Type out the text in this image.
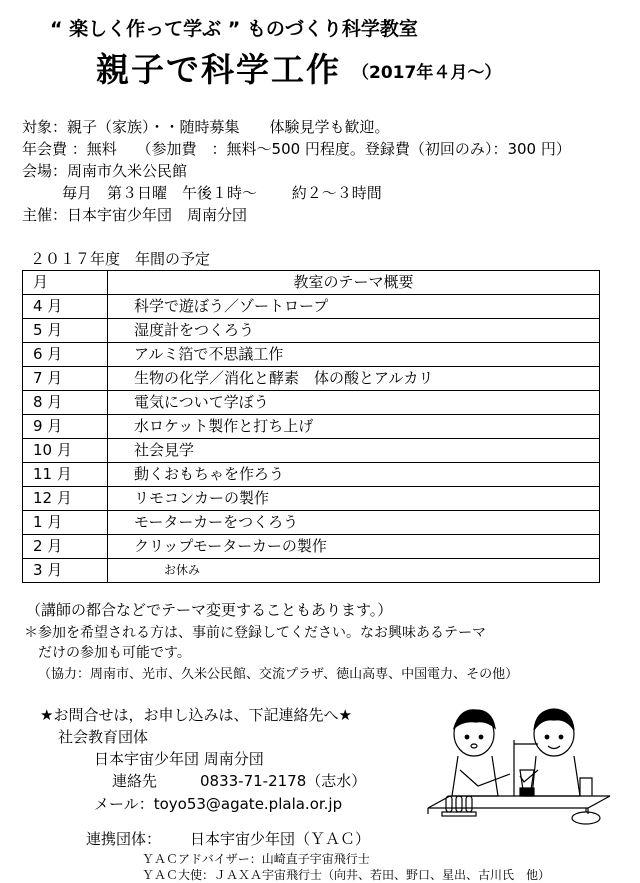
“ 楽しく作って学ぶ ” ものづくり科学教室
親子で科学工作 （2017年４月～）
対象：親子（家族）・・随時募集　　体験見学も歓迎。
年会費 ：無料　 （参加費　：無料～500 円程度。登録費（初回のみ）：300 円）
会場：周南市久米公民館
毎月　第３日曜　午後１時～　　 約２～３時間
主催：日本宇宙少年団　周南分団
２０１７年度　年間の予定
月	教室のテーマ概要
4 月	科学で遊ぼう／ゾートロープ
5 月	湿度計をつくろう
6 月	アルミ箔で不思議工作
7 月	生物の化学／消化と酵素　体の酸とアルカリ
8 月	電気について学ぼう
9 月	水ロケット製作と打ち上げ
10 月	社会見学
11 月	動くおもちゃを作ろう
12 月	リモコンカーの製作
1 月	モーターカーをつくろう
2 月	クリップモーターカーの製作
3 月	お休み
（講師の都合などでテーマ変更することもあります。）
＊参加を希望される方は、事前に登録してください。なお興味あるテーマ
だけの参加も可能です。
（協力：周南市、光市、久米公民館、交流プラザ、徳山高専、中国電力、その他）
★お問合せは，お申し込みは、下記連絡先へ★
社会教育団体
日本宇宙少年団 周南分団
連絡先	0833-71-2178（志水）
メール：toyo53@agate.plala.or.jp
連携団体： 日本宇宙少年団（ＹＡＣ）
ＹＡＣアドバイザー：山崎直子宇宙飛行士
ＹＡＣ大使：ＪＡＸＡ宇宙飛行士（向井、若田、野口、星出、古川氏　他）
